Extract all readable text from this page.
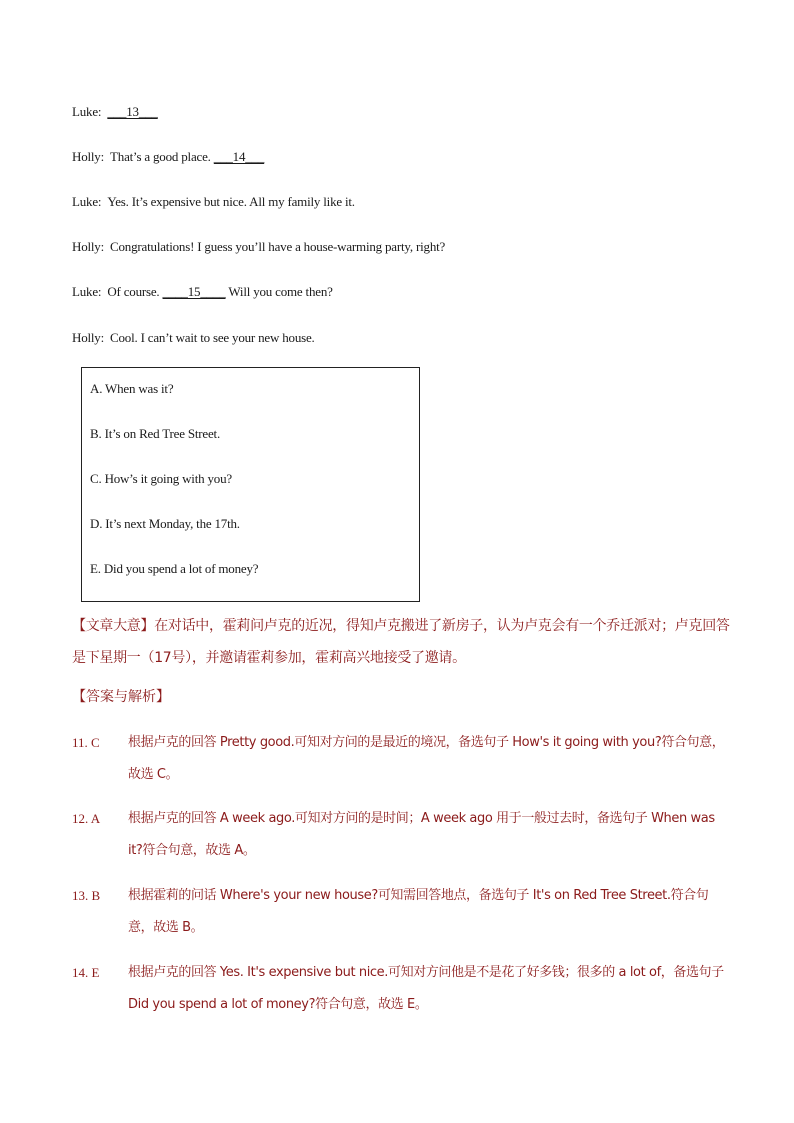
Luke: ___13___
Holly: That’s a good place. ___14___
Luke: Yes. It’s expensive but nice. All my family like it.
Holly: Congratulations! I guess you’ll have a house-warming party, right?
Luke: Of course. ____15____ Will you come then?
Holly: Cool. I can’t wait to see your new house.
A. When was it?
B. It’s on Red Tree Street.
C. How’s it going with you?
D. It’s next Monday, the 17th.
E. Did you spend a lot of money?
【文章大意】在对话中，霍莉问卢克的近况，得知卢克搬进了新房子，认为卢克会有一个乔迁派对；卢克回答是下星期一（17号），并邀请霍莉参加，霍莉高兴地接受了邀请。
【答案与解析】
11. C 根据卢克的回答 Pretty good.可知对方问的是最近的境况，备选句子 How's it going with you?符合句意，故选 C。
12. A 根据卢克的回答 A week ago.可知对方问的是时间；A week ago 用于一般过去时，备选句子 When was it?符合句意，故选 A。
13. B 根据霍莉的问话 Where's your new house?可知需回答地点，备选句子 It's on Red Tree Street.符合句意，故选 B。
14. E 根据卢克的回答 Yes. It's expensive but nice.可知对方问他是不是花了好多钱；很多的 a lot of，备选句子 Did you spend a lot of money?符合句意，故选 E。
